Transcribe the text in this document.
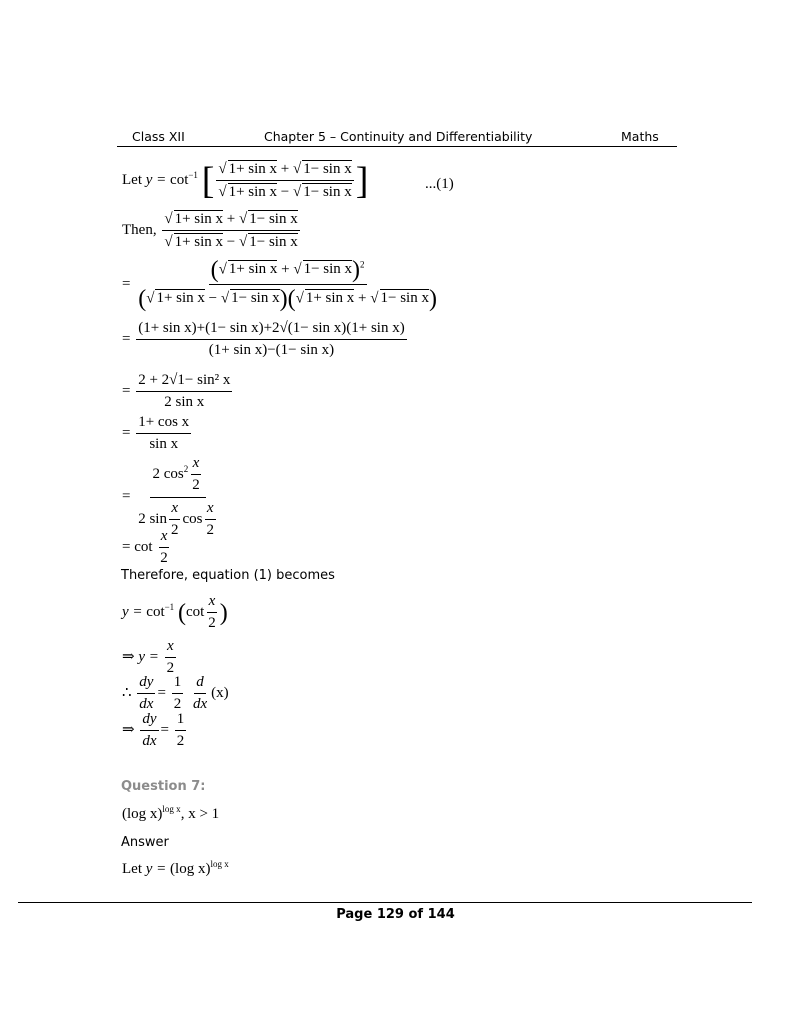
Class XII	Chapter 5 – Continuity and Differentiability	Maths
Let $y = \cot^{-1}$ [ $\frac{\text{√ 1+ sin x + √ 1− sin x}}{\text{√ 1+ sin x − √ 1− sin x}}$ ]	...(1)
Then, $\frac{\text{√ 1+ sin x + √ 1− sin x}}{\text{√ 1+ sin x − √ 1− sin x}}$
= $\frac{(√ 1+ \sin x + √ 1- \sin x)^2}{\text{(√ 1+ sin x − √ 1− sin x)(√ 1+ sin x + √ 1− sin x)}}$
= $\frac{\text{(1+ sin x)+(1− sin x)+2√(1− sin x)(1+ sin x)}}{\text{(1+ sin x)−(1− sin x)}}$
= $\frac{\text{2 + 2√1− sin² x}}{\text{2 sin x}}$
= $\frac{\text{1+ cos x}}{\text{sin x}}$
= $\frac{2 \cos^2 \frac{x}{2}}{2 \sin \frac{x}{2} \cos \frac{x}{2}}$
= $\cot \frac{x}{2}$
Therefore, equation (1) becomes
$y = \cot^{-1} (\cot \frac{x}{2}$ )
⇒ $y = \frac{x}{2}$
∴ $\frac{dy}{dx} = \frac{1}{2}$
$\frac{d}{dx} (x)$
⇒ $\frac{dy}{dx} = \frac{1}{2}$
Question 7:
(log x)$^{log x}$, x > 1
Answer
Let y = (log x)$^{log x}$
Page 129 of 144
